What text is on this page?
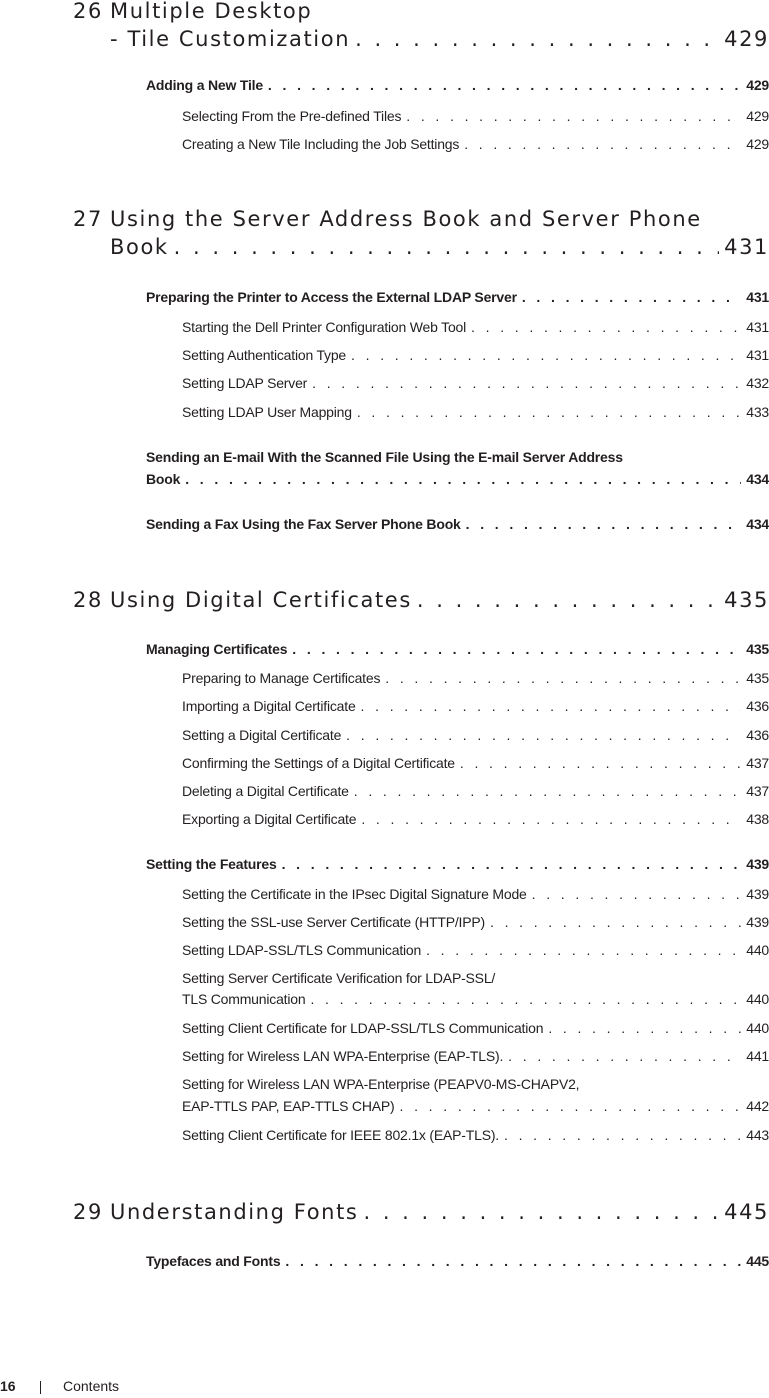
26 Multiple Desktop
- Tile Customization . . .	429
Adding a New Tile . . .	429
Selecting From the Pre-defined Tiles . . .	429
Creating a New Tile Including the Job Settings . . .	429
27 Using the Server Address Book and Server Phone
Book . . .	431
Preparing the Printer to Access the External LDAP Server . . .	431
Starting the Dell Printer Configuration Web Tool . . .	431
Setting Authentication Type . . .	431
Setting LDAP Server . . .	432
Setting LDAP User Mapping . . .	433
Sending an E-mail With the Scanned File Using the E-mail Server Address
Book . . .	434
Sending a Fax Using the Fax Server Phone Book . . .	434
28 Using Digital Certificates . . .	435
Managing Certificates . . .	435
Preparing to Manage Certificates . . .	435
Importing a Digital Certificate . . .	436
Setting a Digital Certificate . . .	436
Confirming the Settings of a Digital Certificate . . .	437
Deleting a Digital Certificate . . .	437
Exporting a Digital Certificate . . .	438
Setting the Features . . .	439
Setting the Certificate in the IPsec Digital Signature Mode . . .	439
Setting the SSL-use Server Certificate (HTTP/IPP) . . .	439
Setting LDAP-SSL/TLS Communication . . .	440
Setting Server Certificate Verification for LDAP-SSL/
TLS Communication . . .	440
Setting Client Certificate for LDAP-SSL/TLS Communication . . .	440
Setting for Wireless LAN WPA-Enterprise (EAP-TLS). . . .	441
Setting for Wireless LAN WPA-Enterprise (PEAPV0-MS-CHAPV2,
EAP-TTLS PAP, EAP-TTLS CHAP) . . .	442
Setting Client Certificate for IEEE 802.1x (EAP-TLS). . . .	443
29 Understanding Fonts . . .	445
Typefaces and Fonts . . .	445
16	Contents
